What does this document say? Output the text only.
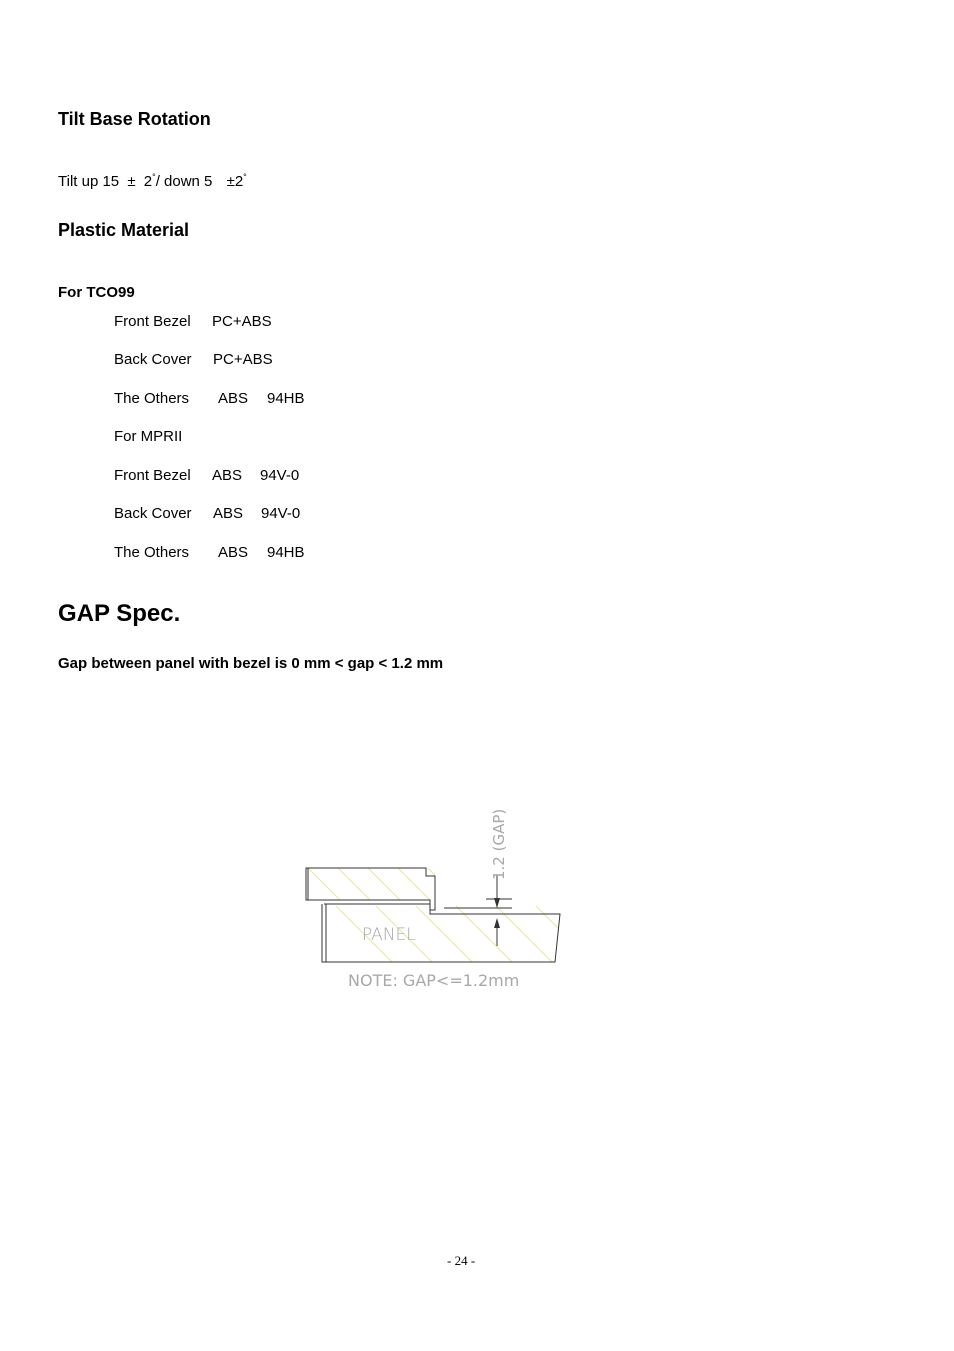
Tilt Base Rotation
Tilt up 15 ± 2°/ down 5 ±2°
Plastic Material
For TCO99
Front Bezel PC+ABS
Back Cover PC+ABS
The Others ABS 94HB
For MPRII
Front Bezel ABS 94V-0
Back Cover ABS 94V-0
The Others ABS 94HB
GAP Spec.
Gap between panel with bezel is 0 mm < gap < 1.2 mm
PANEL
1.2 (GAP)
NOTE: GAP<=1.2mm
- 24 -
